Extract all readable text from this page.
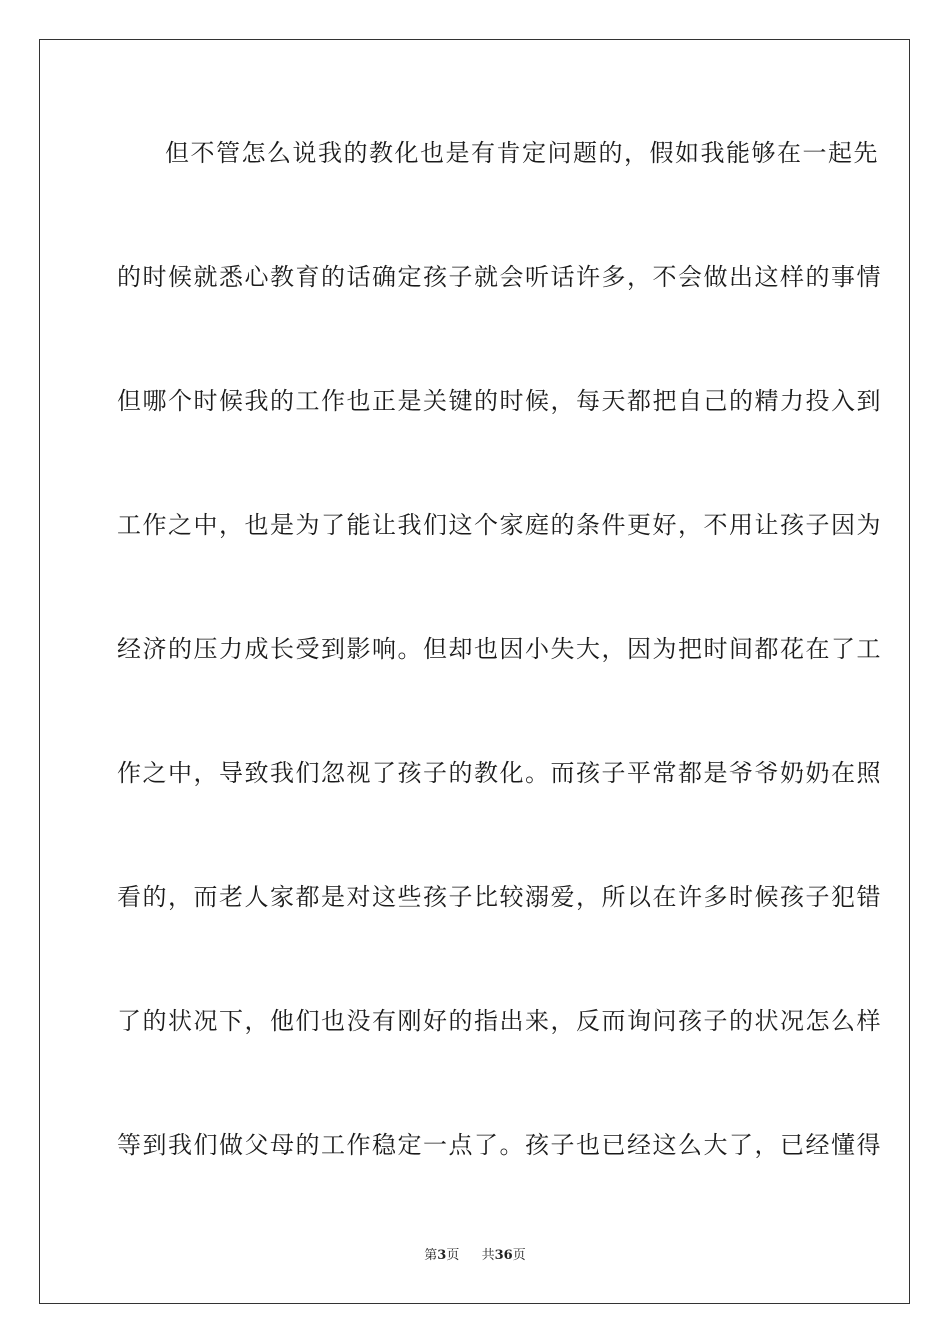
但不管怎么说我的教化也是有肯定问题的，假如我能够在一起先
的时候就悉心教育的话确定孩子就会听话许多，不会做出这样的事情
但哪个时候我的工作也正是关键的时候，每天都把自己的精力投入到
工作之中，也是为了能让我们这个家庭的条件更好，不用让孩子因为
经济的压力成长受到影响。但却也因小失大，因为把时间都花在了工
作之中，导致我们忽视了孩子的教化。而孩子平常都是爷爷奶奶在照
看的，而老人家都是对这些孩子比较溺爱，所以在许多时候孩子犯错
了的状况下，他们也没有刚好的指出来，反而询问孩子的状况怎么样
等到我们做父母的工作稳定一点了。孩子也已经这么大了，已经懂得
第3页 共36页
